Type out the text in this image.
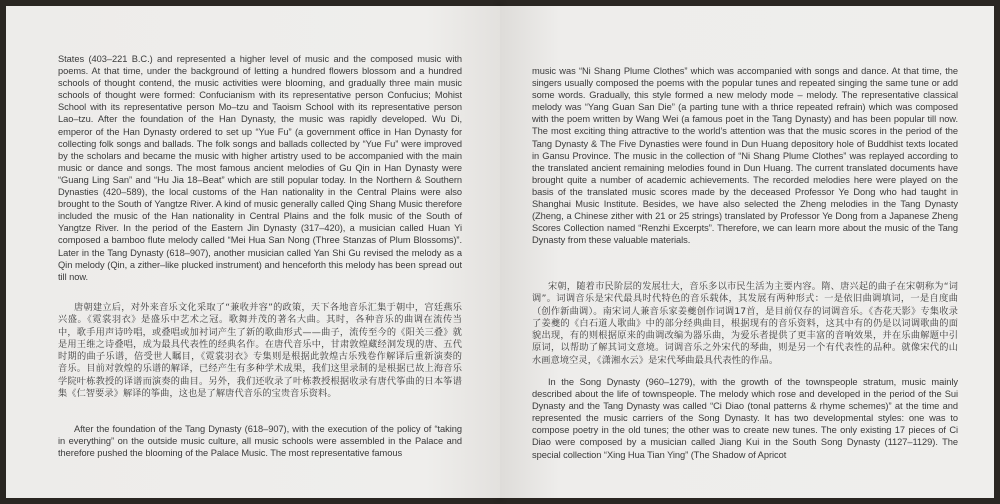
States (403–221 B.C.) and represented a higher level of music and the composed music with poems. At that time, under the background of letting a hundred flowers blossom and a hundred schools of thought contend, the music activities were blooming, and gradually three main music schools of thought were formed: Confucianism with its representative person Confucius; Mohist School with its representative person Mo–tzu and Taoism School with its representative person Lao–tzu. After the foundation of the Han Dynasty, the music was rapidly developed. Wu Di, emperor of the Han Dynasty ordered to set up “Yue Fu” (a government office in Han Dynasty for collecting folk songs and ballads. The folk songs and ballads collected by “Yue Fu” were improved by the scholars and became the music with higher artistry used to be accompanied with the main music or dance and songs. The most famous ancient melodies of Gu Qin in Han Dynasty were “Guang Ling San” and “Hu Jia 18–Beat” which are still popular today. In the Northern & Southern Dynasties (420–589), the local customs of the Han nationality in the Central Plains were also brought to the South of Yangtze River. A kind of music generally called Qing Shang Music therefore included the music of the Han nationality in Central Plains and the folk music of the South of Yangtze River. In the period of the Eastern Jin Dynasty (317–420), a musician called Huan Yi composed a bamboo flute melody called “Mei Hua San Nong (Three Stanzas of Plum Blossoms)”. Later in the Tang Dynasty (618–907), another musician called Yan Shi Gu revised the melody as a Qin melody (Qin, a zither–like plucked instrument) and henceforth this melody has been spread out till now.
唐朝建立后，对外来音乐文化采取了“兼收并容”的政策，天下各地音乐汇集于朝中，宫廷燕乐兴盛。《霓裳羽衣》是盛乐中艺术之冠。歌舞并茂的著名大曲。其时，各种音乐的曲调在流传当中，歌手用声诗吟唱，或叠唱或加衬词产生了新的歌曲形式——曲子，流传至今的《阳关三叠》就是用王维之诗叠唱，成为最具代表性的经典名作。在唐代音乐中，甘肃敦煌藏经洞发现的唐、五代时期的曲子乐谱，倍受世人瞩目，《霓裳羽衣》专集则是根据此敦煌古乐残卷作解译后重新演奏的音乐。目前对敦煌的乐谱的解译，已经产生有多种学术成果，我们这里录制的是根据已故上海音乐学院叶栋教授的译谱而演奏的曲目。另外，我们还收录了叶栋教授根据收录有唐代筝曲的日本筝谱集《仁智要录》解译的筝曲，这也是了解唐代音乐的宝贵音乐资料。
After the foundation of the Tang Dynasty (618–907), with the execution of the policy of “taking in everything” on the outside music culture, all music schools were assembled in the Palace and therefore pushed the blooming of the Palace Music. The most representative famous
music was “Ni Shang Plume Clothes” which was accompanied with songs and dance. At that time, the singers usually composed the poems with the popular tunes and repeated singing the same tune or add some words. Gradually, this style formed a new melody mode – melody. The representative classical melody was “Yang Guan San Die” (a parting tune with a thrice repeated refrain) which was composed with the poem written by Wang Wei (a famous poet in the Tang Dynasty) and has been popular till now. The most exciting thing attractive to the world’s attention was that the music scores in the period of the Tang Dynasty & The Five Dynasties were found in Dun Huang depository hole of Buddhist texts located in Gansu Province. The music in the collection of “Ni Shang Plume Clothes” was replayed according to the translated ancient remaining melodies found in Dun Huang. The current translated documents have brought quite a number of academic achievements. The recorded melodies here were played on the basis of the translated music scores made by the deceased Professor Ye Dong who had taught in Shanghai Music Institute. Besides, we have also selected the Zheng melodies in the Tang Dynasty (Zheng, a Chinese zither with 21 or 25 strings) translated by Professor Ye Dong from a Japanese Zheng Scores Collection named “Renzhi Excerpts”. Therefore, we can learn more about the music of the Tang Dynasty from these valuable materials.
宋朝，随着市民阶层的发展壮大，音乐多以市民生活为主要内容。隋、唐兴起的曲子在宋朝称为“词调”。词调音乐是宋代最具时代特色的音乐载体，其发展有两种形式：一是依旧曲调填词，一是自度曲（创作新曲调）。南宋词人兼音乐家姜夔创作词调17首，是目前仅存的词调音乐。《杏花天影》专集收录了姜夔的《白石道人歌曲》中的部分经典曲目，根据现有的音乐资料，这其中有的仍是以词调歌曲的面貌出现，有的则根据原来的曲调改编为器乐曲，为爱乐者提供了更丰富的音响效果，并在乐曲解题中引原词，以帮助了解其词文意境。词调音乐之外宋代的琴曲，则是另一个有代表性的品种。就像宋代的山水画意境空灵，《潇湘水云》是宋代琴曲最具代表性的作品。
In the Song Dynasty (960–1279), with the growth of the townspeople stratum, music mainly described about the life of townspeople. The melody which rose and developed in the period of the Sui Dynasty and the Tang Dynasty was called “Ci Diao (tonal patterns & rhyme schemes)” at the time and represented the music carriers of the Song Dynasty. It has two developmental styles: one was to compose poetry in the old tunes; the other was to create new tunes. The only existing 17 pieces of Ci Diao were composed by a musician called Jiang Kui in the South Song Dynasty (1127–1129). The special collection “Xing Hua Tian Ying” (The Shadow of Apricot
